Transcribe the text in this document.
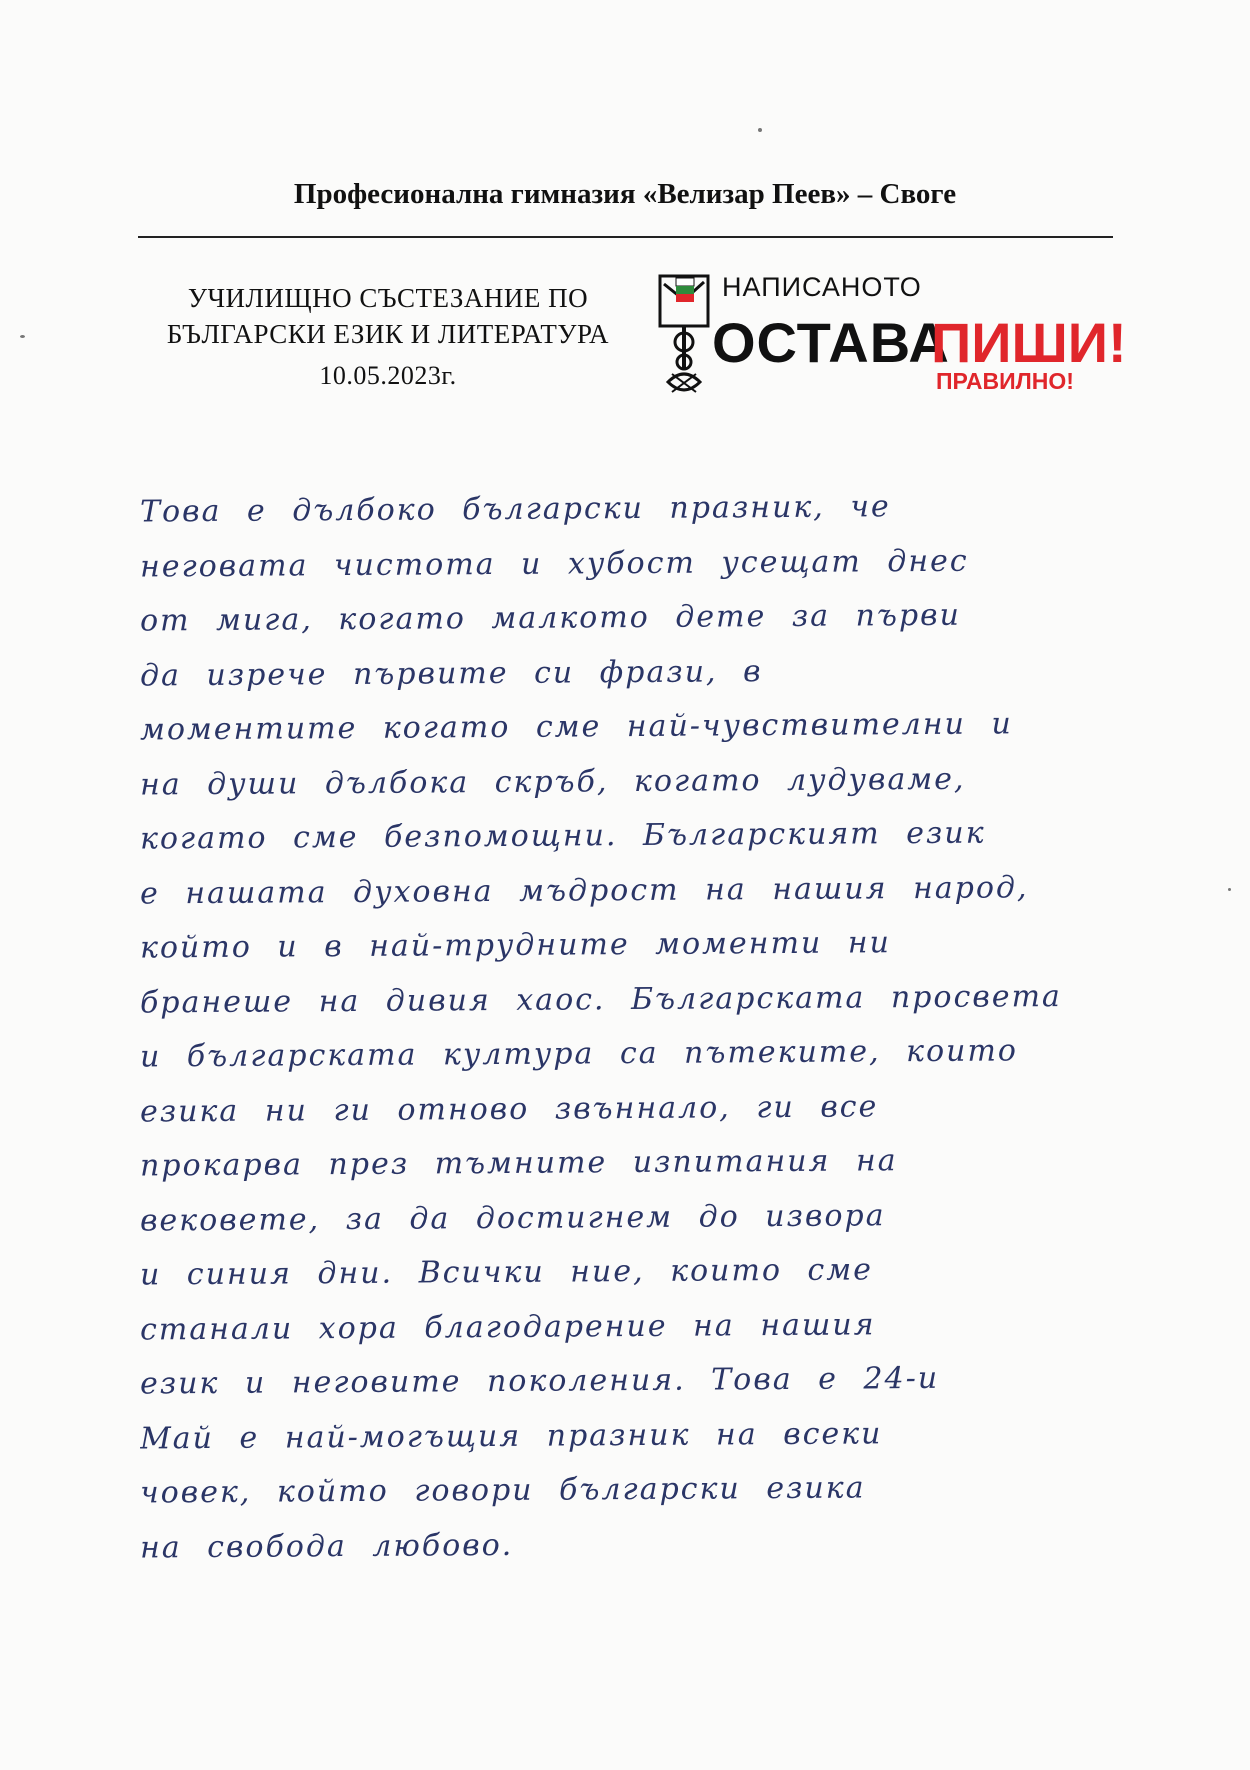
Професионална гимназия «Велизар Пеев» – Своге
УЧИЛИЩНО СЪСТЕЗАНИЕ ПО
БЪЛГАРСКИ ЕЗИК И ЛИТЕРАТУРА
10.05.2023г.
НАПИСАНОТО
ОСТАВА
ПИШИ!
ПРАВИЛНО!
Това е дълбоко български празник, че
неговата чистота и хубост усещат днес
от мига, когато малкото дете за първи
да изрече първите си фрази, в
моментите когато сме най-чувствителни и
на души дълбока скръб, когато лудуваме,
когато сме безпомощни. Българският език
е нашата духовна мъдрост на нашия народ,
който и в най-трудните моменти ни
бранеше на дивия хаос. Българската просвета
и българската култура са пътеките, които
езика ни ги отново звъннало, ги все
прокарва през тъмните изпитания на
вековете, за да достигнем до извора
и синия дни. Всички ние, които сме
станали хора благодарение на нашия
език и неговите поколения. Това е 24-и
Май е най-могъщия празник на всеки
човек, който говори български езика
на свобода любово.
